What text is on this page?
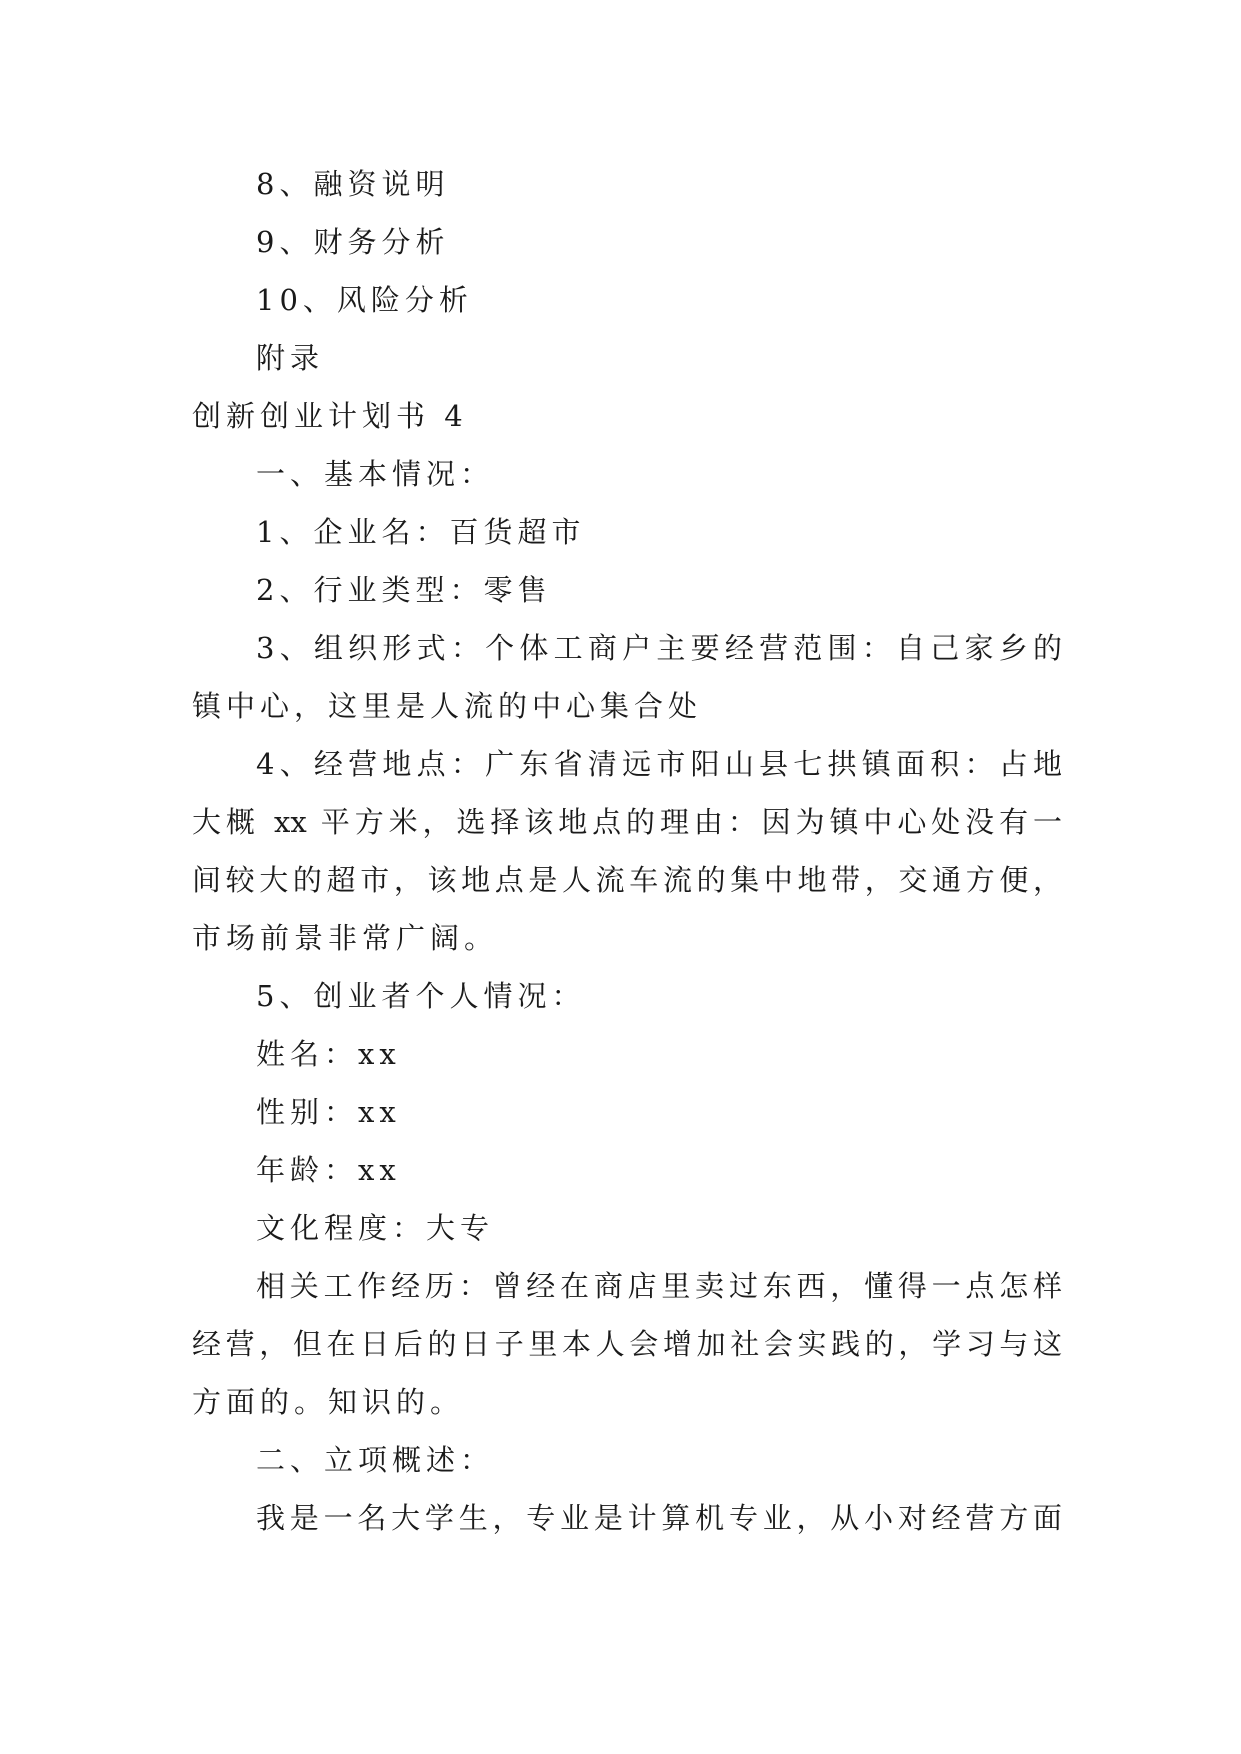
8、融资说明
9、财务分析
10、风险分析
附录
创新创业计划书 4
一、基本情况：
1、企业名：百货超市
2、行业类型：零售
3、组织形式：个体工商户主要经营范围：自己家乡的
镇中心，这里是人流的中心集合处
4、经营地点：广东省清远市阳山县七拱镇面积：占地
大概 xx 平方米，选择该地点的理由：因为镇中心处没有一
间较大的超市，该地点是人流车流的集中地带，交通方便，
市场前景非常广阔。
5、创业者个人情况：
姓名：xx
性别：xx
年龄：xx
文化程度：大专
相关工作经历：曾经在商店里卖过东西，懂得一点怎样
经营，但在日后的日子里本人会增加社会实践的，学习与这
方面的。知识的。
二、立项概述：
我是一名大学生，专业是计算机专业，从小对经营方面
